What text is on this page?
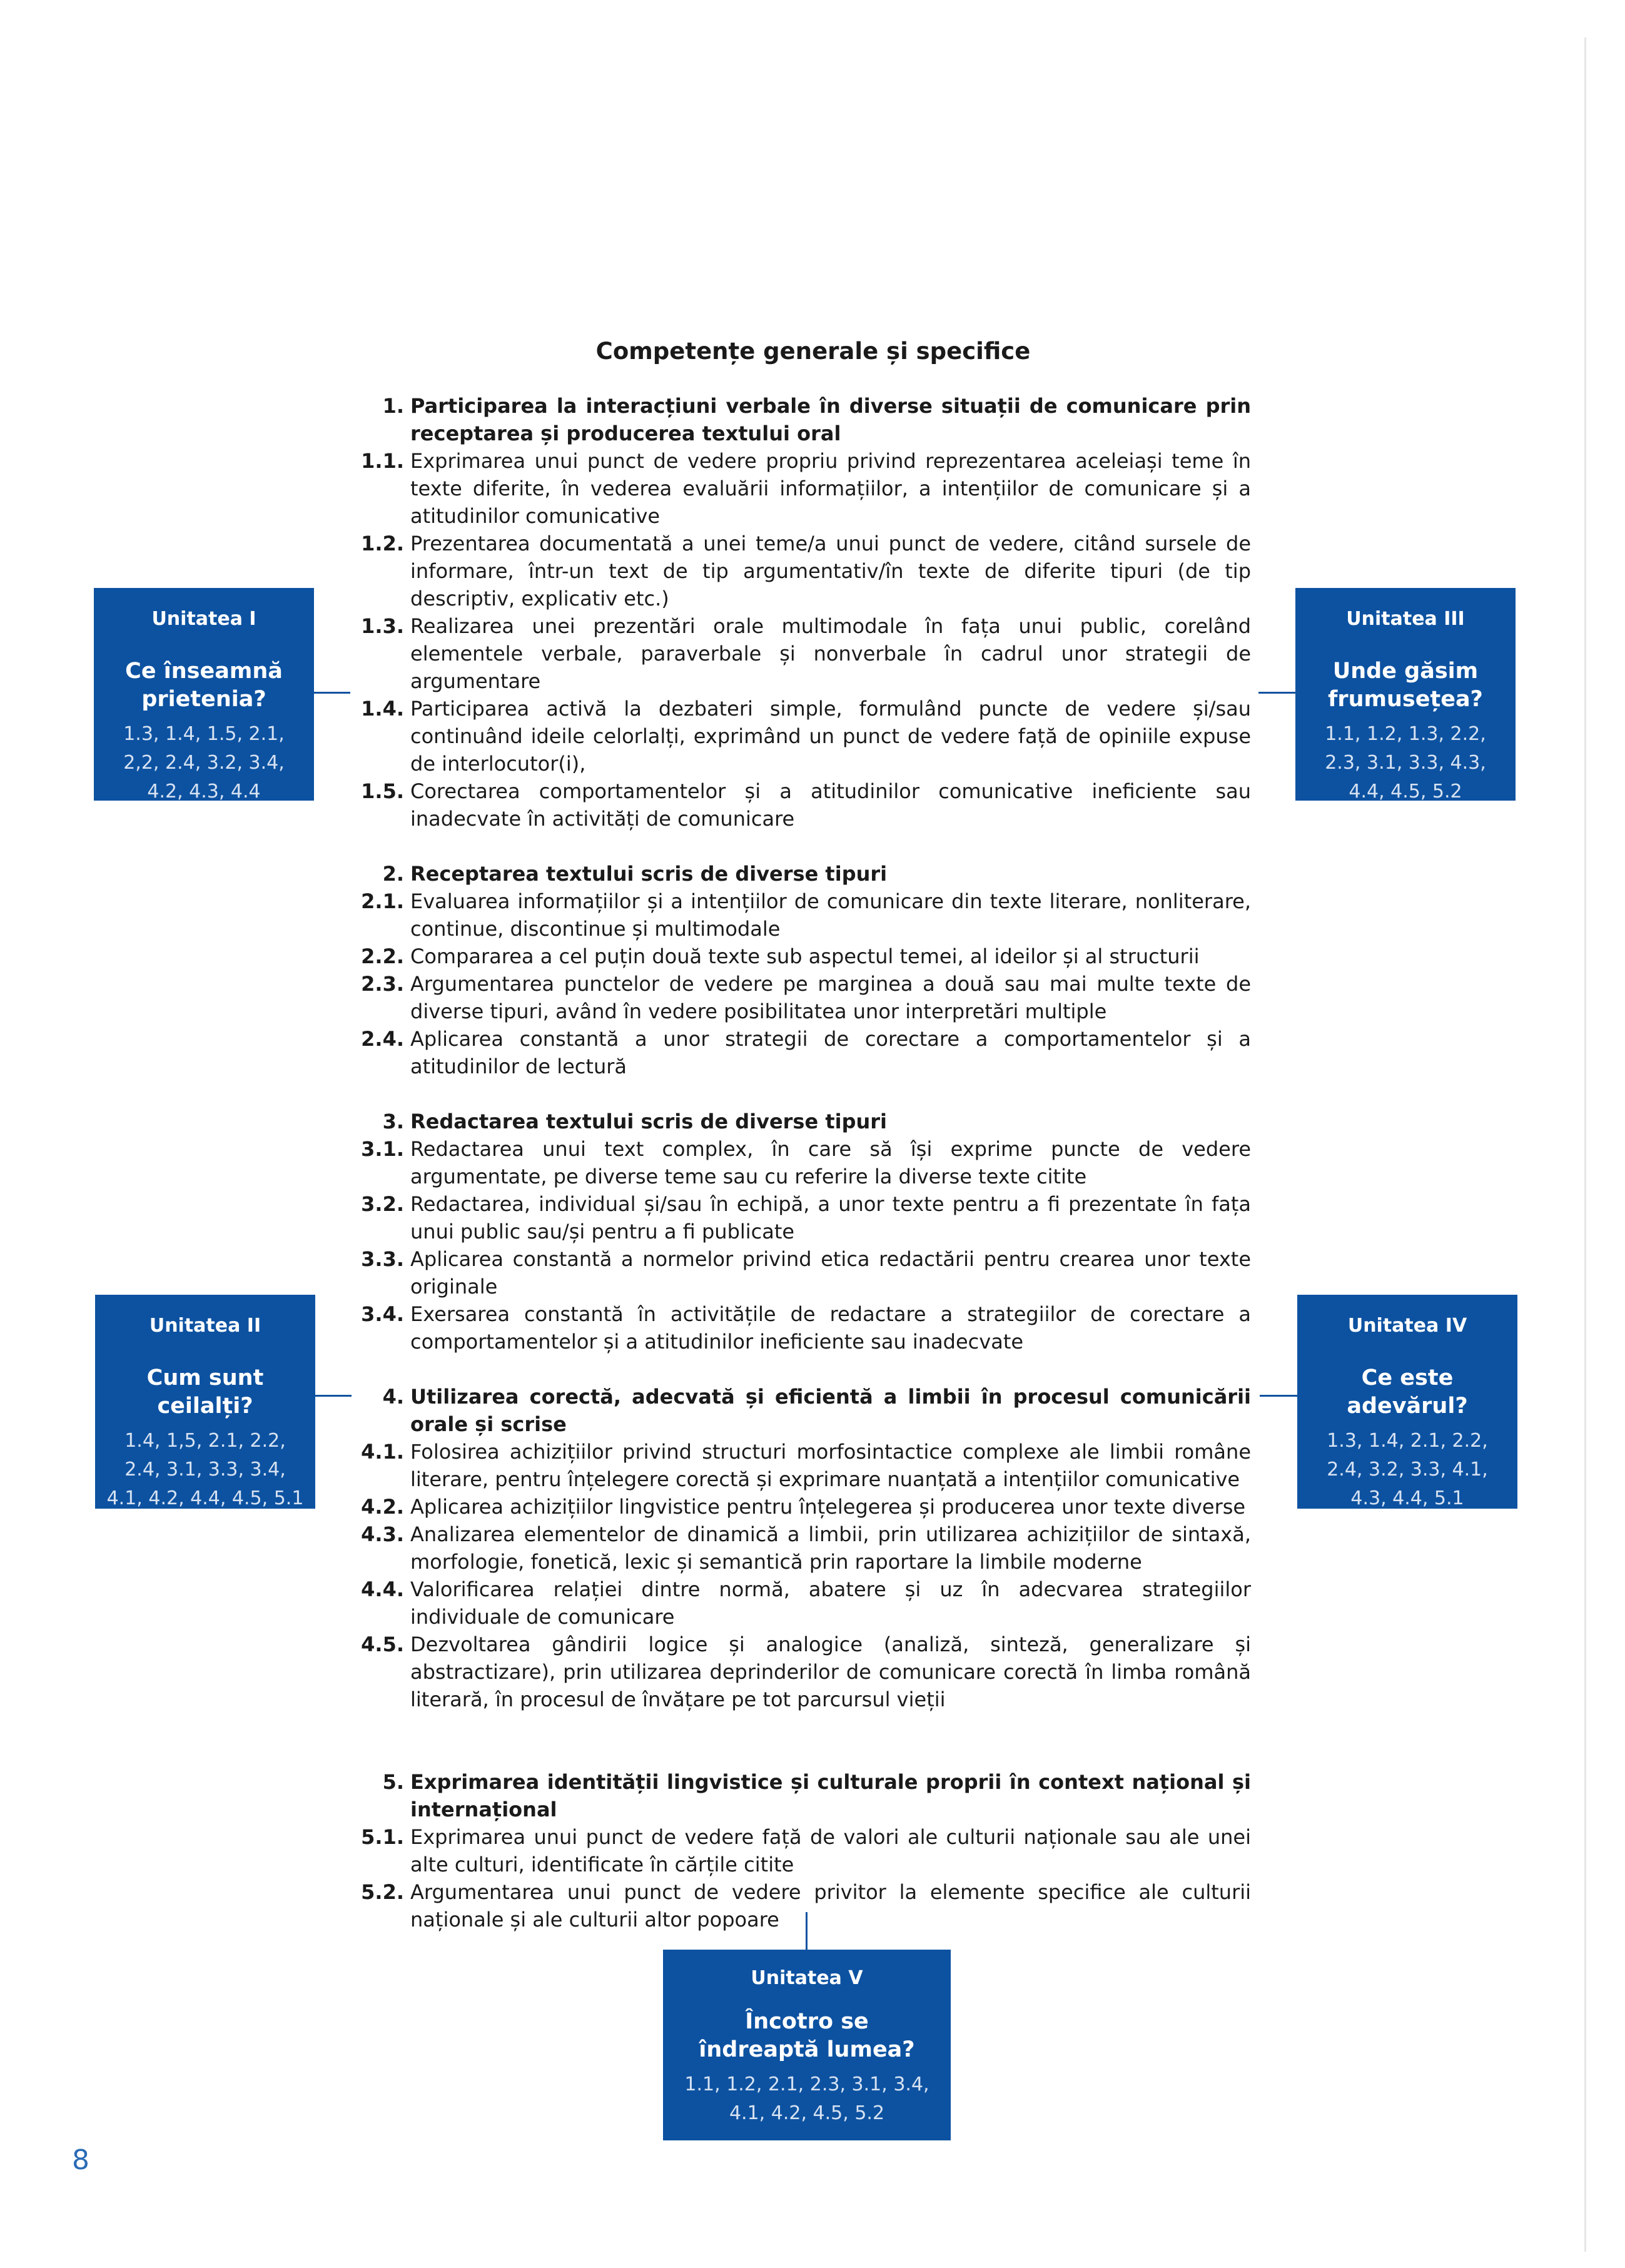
Competențe generale și specifice
1. Participarea la interacțiuni verbale în diverse situații de comunicare prin receptarea și producerea textului oral
1.1. Exprimarea unui punct de vedere propriu privind reprezentarea aceleiași teme în texte diferite, în vederea evaluării informațiilor, a intențiilor de comunicare și a atitudinilor comunicative
1.2. Prezentarea documentată a unei teme/a unui punct de vedere, citând sursele de informare, într-un text de tip argumentativ/în texte de diferite tipuri (de tip descriptiv, explicativ etc.)
1.3. Realizarea unei prezentări orale multimodale în fața unui public, corelând elementele verbale, paraverbale și nonverbale în cadrul unor strategii de argumentare
1.4. Participarea activă la dezbateri simple, formulând puncte de vedere și/sau continuând ideile celorlalți, exprimând un punct de vedere față de opiniile expuse de interlocutor(i),
1.5. Corectarea comportamentelor și a atitudinilor comunicative ineficiente sau inadecvate în activități de comunicare
2. Receptarea textului scris de diverse tipuri
2.1. Evaluarea informațiilor și a intențiilor de comunicare din texte literare, nonliterare, continue, discontinue și multimodale
2.2. Compararea a cel puțin două texte sub aspectul temei, al ideilor și al structurii
2.3. Argumentarea punctelor de vedere pe marginea a două sau mai multe texte de diverse tipuri, având în vedere posibilitatea unor interpretări multiple
2.4. Aplicarea constantă a unor strategii de corectare a comportamentelor și a atitudinilor de lectură
3. Redactarea textului scris de diverse tipuri
3.1. Redactarea unui text complex, în care să își exprime puncte de vedere argumentate, pe diverse teme sau cu referire la diverse texte citite
3.2. Redactarea, individual și/sau în echipă, a unor texte pentru a fi prezentate în fața unui public sau/și pentru a fi publicate
3.3. Aplicarea constantă a normelor privind etica redactării pentru crearea unor texte originale
3.4. Exersarea constantă în activitățile de redactare a strategiilor de corectare a comportamentelor și a atitudinilor ineficiente sau inadecvate
4. Utilizarea corectă, adecvată și eficientă a limbii în procesul comunicării orale și scrise
4.1. Folosirea achizițiilor privind structuri morfosintactice complexe ale limbii române literare, pentru înțelegere corectă și exprimare nuanțată a intențiilor comunicative
4.2. Aplicarea achizițiilor lingvistice pentru înțelegerea și producerea unor texte diverse
4.3. Analizarea elementelor de dinamică a limbii, prin utilizarea achizițiilor de sintaxă, morfologie, fonetică, lexic și semantică prin raportare la limbile moderne
4.4. Valorificarea relației dintre normă, abatere și uz în adecvarea strategiilor individuale de comunicare
4.5. Dezvoltarea gândirii logice și analogice (analiză, sinteză, generalizare și abstractizare), prin utilizarea deprinderilor de comunicare corectă în limba română literară, în procesul de învățare pe tot parcursul vieții
5. Exprimarea identității lingvistice și culturale proprii în context național și internațional
5.1. Exprimarea unui punct de vedere față de valori ale culturii naționale sau ale unei alte culturi, identificate în cărțile citite
5.2. Argumentarea unui punct de vedere privitor la elemente specifice ale culturii naționale și ale culturii altor popoare
Unitatea I
Ce înseamnă prietenia?
1.3, 1.4, 1.5, 2.1, 2,2, 2.4, 3.2, 3.4, 4.2, 4.3, 4.4
Unitatea II
Cum sunt ceilalți?
1.4, 1,5, 2.1, 2.2, 2.4, 3.1, 3.3, 3.4, 4.1, 4.2, 4.4, 4.5, 5.1
Unitatea III
Unde găsim frumusețea?
1.1, 1.2, 1.3, 2.2, 2.3, 3.1, 3.3, 4.3, 4.4, 4.5, 5.2
Unitatea IV
Ce este adevărul?
1.3, 1.4, 2.1, 2.2, 2.4, 3.2, 3.3, 4.1, 4.3, 4.4, 5.1
Unitatea V
Încotro se îndreaptă lumea?
1.1, 1.2, 2.1, 2.3, 3.1, 3.4, 4.1, 4.2, 4.5, 5.2
8
